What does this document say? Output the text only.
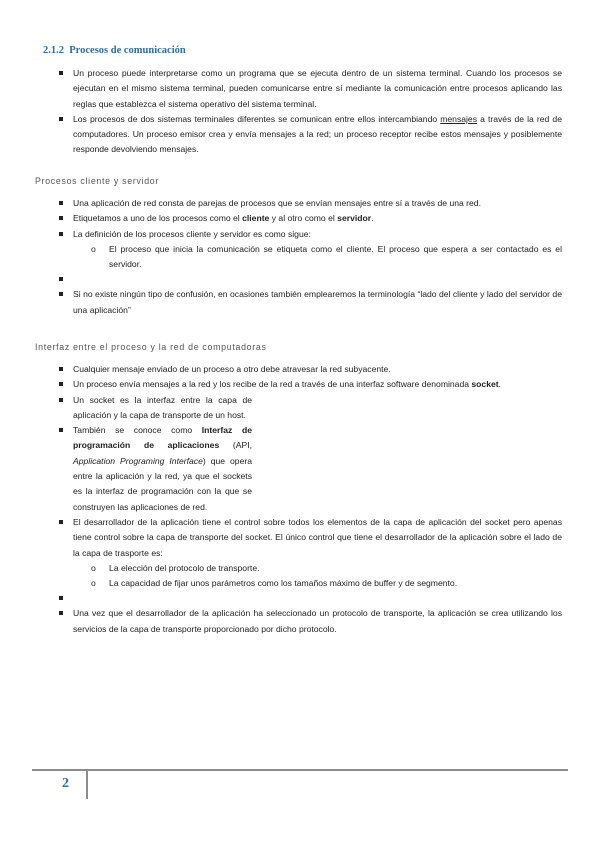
2.1.2 Procesos de comunicación
Un proceso puede interpretarse como un programa que se ejecuta dentro de un sistema terminal. Cuando los procesos se ejecutan en el mismo sistema terminal, pueden comunicarse entre sí mediante la comunicación entre procesos aplicando las reglas que establezca el sistema operativo del sistema terminal.
Los procesos de dos sistemas terminales diferentes se comunican entre ellos intercambiando mensajes a través de la red de computadores. Un proceso emisor crea y envía mensajes a la red; un proceso receptor recibe estos mensajes y posiblemente responde devolviendo mensajes.
Procesos cliente y servidor
Una aplicación de red consta de parejas de procesos que se envían mensajes entre sí a través de una red.
Etiquetamos a uno de los procesos como el cliente y al otro como el servidor.
La definición de los procesos cliente y servidor es como sigue:
o El proceso que inicia la comunicación se etiqueta como el cliente. El proceso que espera a ser contactado es el servidor.
Si no existe ningún tipo de confusión, en ocasiones también emplearemos la terminología “lado del cliente y lado del servidor de una aplicación”
Interfaz entre el proceso y la red de computadoras
Cualquier mensaje enviado de un proceso a otro debe atravesar la red subyacente.
Un proceso envía mensajes a la red y los recibe de la red a través de una interfaz software denominada socket.
Un socket es la interfaz entre la capa de aplicación y la capa de transporte de un host.
También se conoce como Interfaz de programación de aplicaciones (API, Application Programing Interface) que opera entre la aplicación y la red, ya que el sockets es la interfaz de programación con la que se construyen las aplicaciones de red.
El desarrollador de la aplicación tiene el control sobre todos los elementos de la capa de aplicación del socket pero apenas tiene control sobre la capa de transporte del socket. El único control que tiene el desarrollador de la aplicación sobre el lado de la capa de trasporte es:
o La elección del protocolo de transporte.
o La capacidad de fijar unos parámetros como los tamaños máximo de buffer y de segmento.
Una vez que el desarrollador de la aplicación ha seleccionado un protocolo de transporte, la aplicación se crea utilizando los servicios de la capa de transporte proporcionado por dicho protocolo.
2
